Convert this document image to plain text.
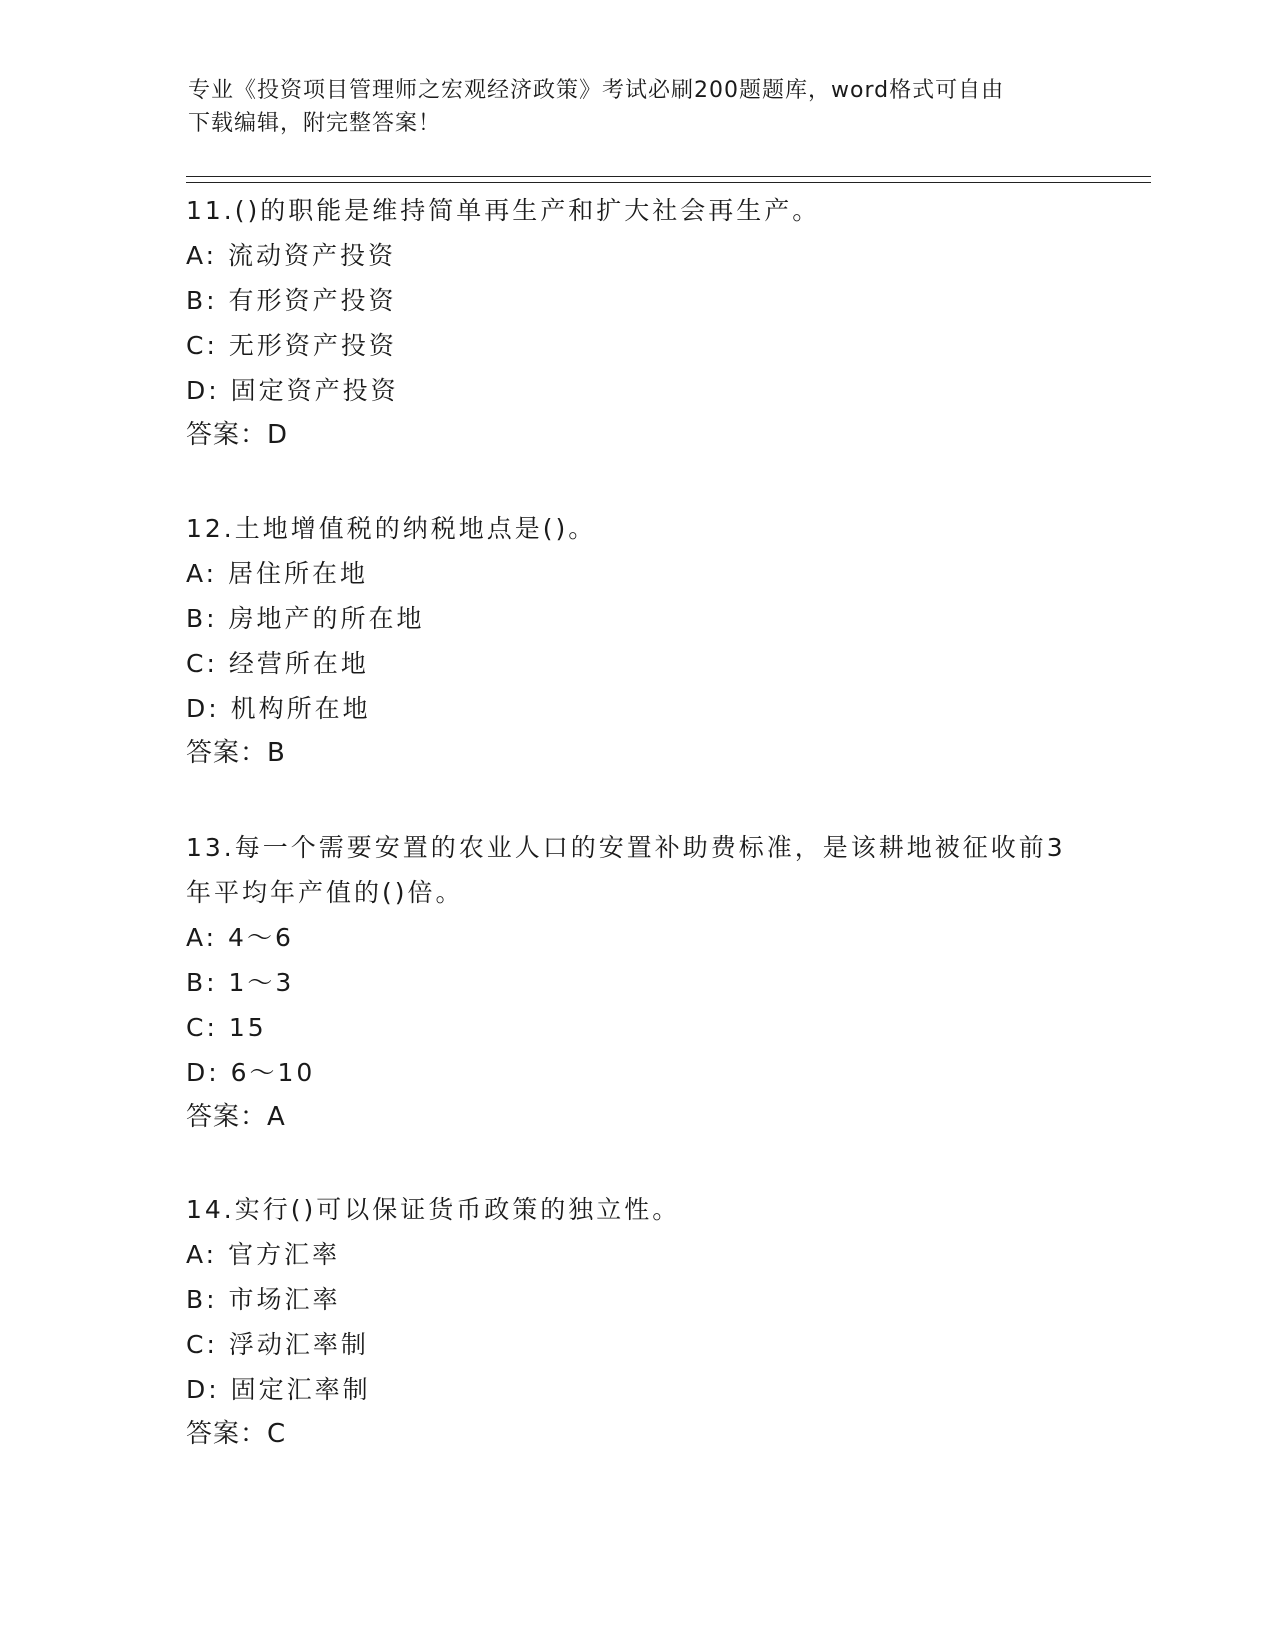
专业《投资项目管理师之宏观经济政策》考试必刷200题题库，word格式可自由
下载编辑，附完整答案！
11.()的职能是维持简单再生产和扩大社会再生产。
A: 流动资产投资
B: 有形资产投资
C: 无形资产投资
D: 固定资产投资
答案：D
12.土地增值税的纳税地点是()。
A: 居住所在地
B: 房地产的所在地
C: 经营所在地
D: 机构所在地
答案：B
13.每一个需要安置的农业人口的安置补助费标准，是该耕地被征收前3年平均年产值的()倍。
A: 4～6
B: 1～3
C: 15
D: 6～10
答案：A
14.实行()可以保证货币政策的独立性。
A: 官方汇率
B: 市场汇率
C: 浮动汇率制
D: 固定汇率制
答案：C
